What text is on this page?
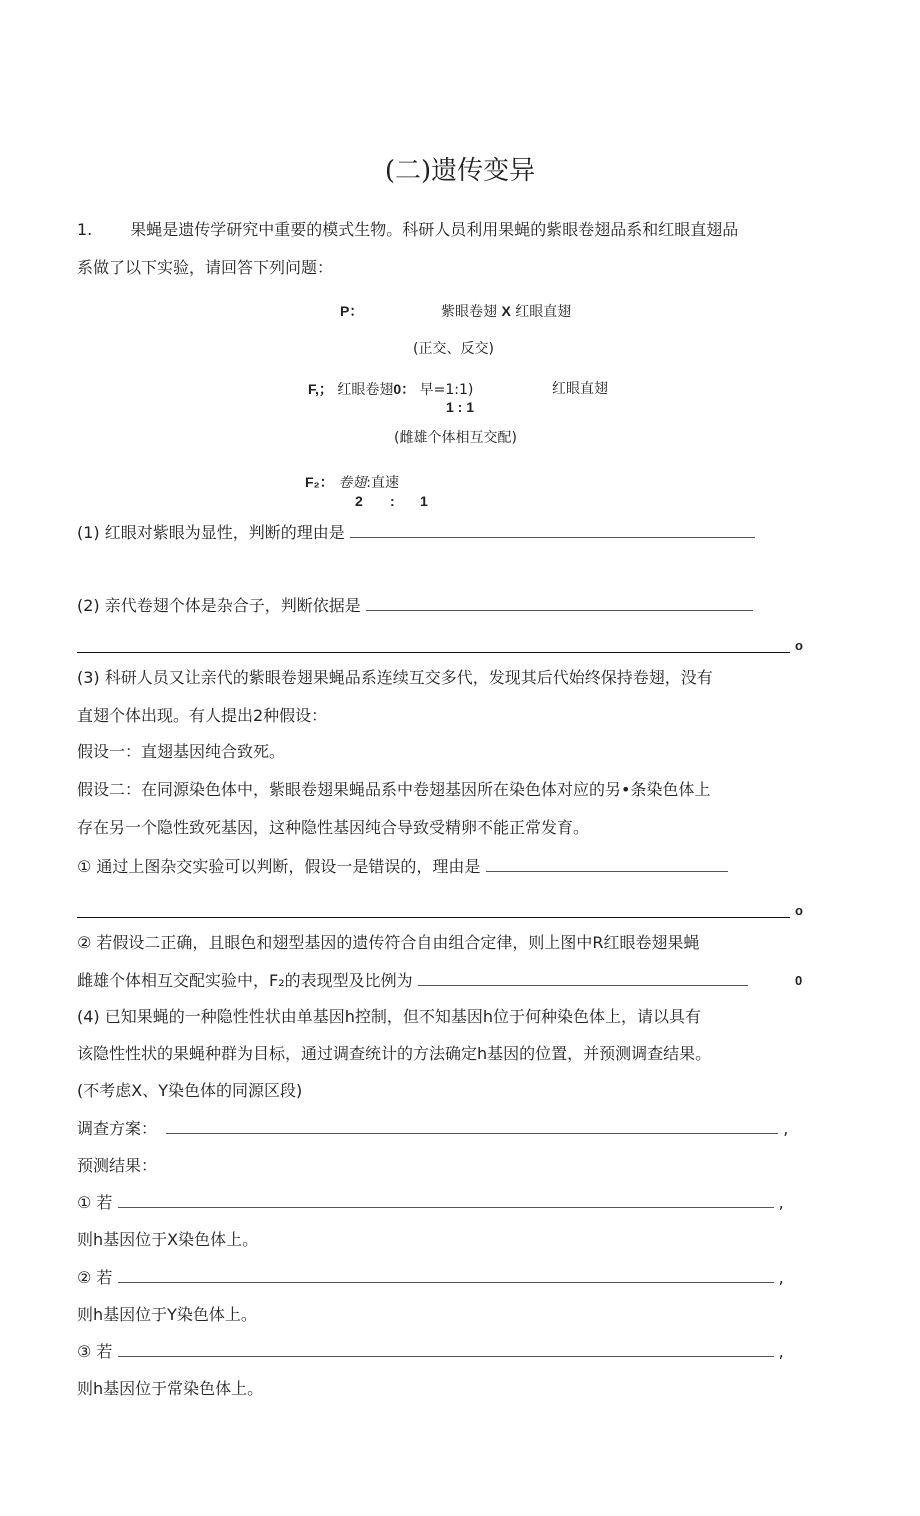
(二)遗传变异
1. 果蝇是遗传学研究中重要的模式生物。科研人员利用果蝇的紫眼卷翅品系和红眼直翅品
系做了以下实验，请回答下列问题：
P：	紫眼卷翅 X 红眼直翅
(正交、反交)
F,； 红眼卷翅0： 早=1:1)	红眼直翅
1 : 1
(雌雄个体相互交配)
F₂： 卷翅:直速
2 : 1
(1) 红眼对紫眼为显性，判断的理由是
(2) 亲代卷翅个体是杂合子，判断依据是
o
(3) 科研人员又让亲代的紫眼卷翅果蝇品系连续互交多代，发现其后代始终保持卷翅，没有
直翅个体出现。有人提出2种假设：
假设一：直翅基因纯合致死。
假设二：在同源染色体中，紫眼卷翅果蝇品系中卷翅基因所在染色体对应的另•条染色体上
存在另一个隐性致死基因，这种隐性基因纯合导致受精卵不能正常发育。
① 通过上图杂交实验可以判断，假设一是错误的，理由是
o
② 若假设二正确，且眼色和翅型基因的遗传符合自由组合定律，则上图中R红眼卷翅果蝇
雌雄个体相互交配实验中，F₂的表现型及比例为	0
(4) 已知果蝇的一种隐性性状由单基因h控制，但不知基因h位于何种染色体上，请以具有
该隐性性状的果蝇种群为目标，通过调查统计的方法确定h基因的位置，并预测调查结果。
(不考虑X、Y染色体的同源区段)
调查方案：	,
预测结果：
① 若	,
则h基因位于X染色体上。
② 若	,
则h基因位于Y染色体上。
③ 若	,
则h基因位于常染色体上。
